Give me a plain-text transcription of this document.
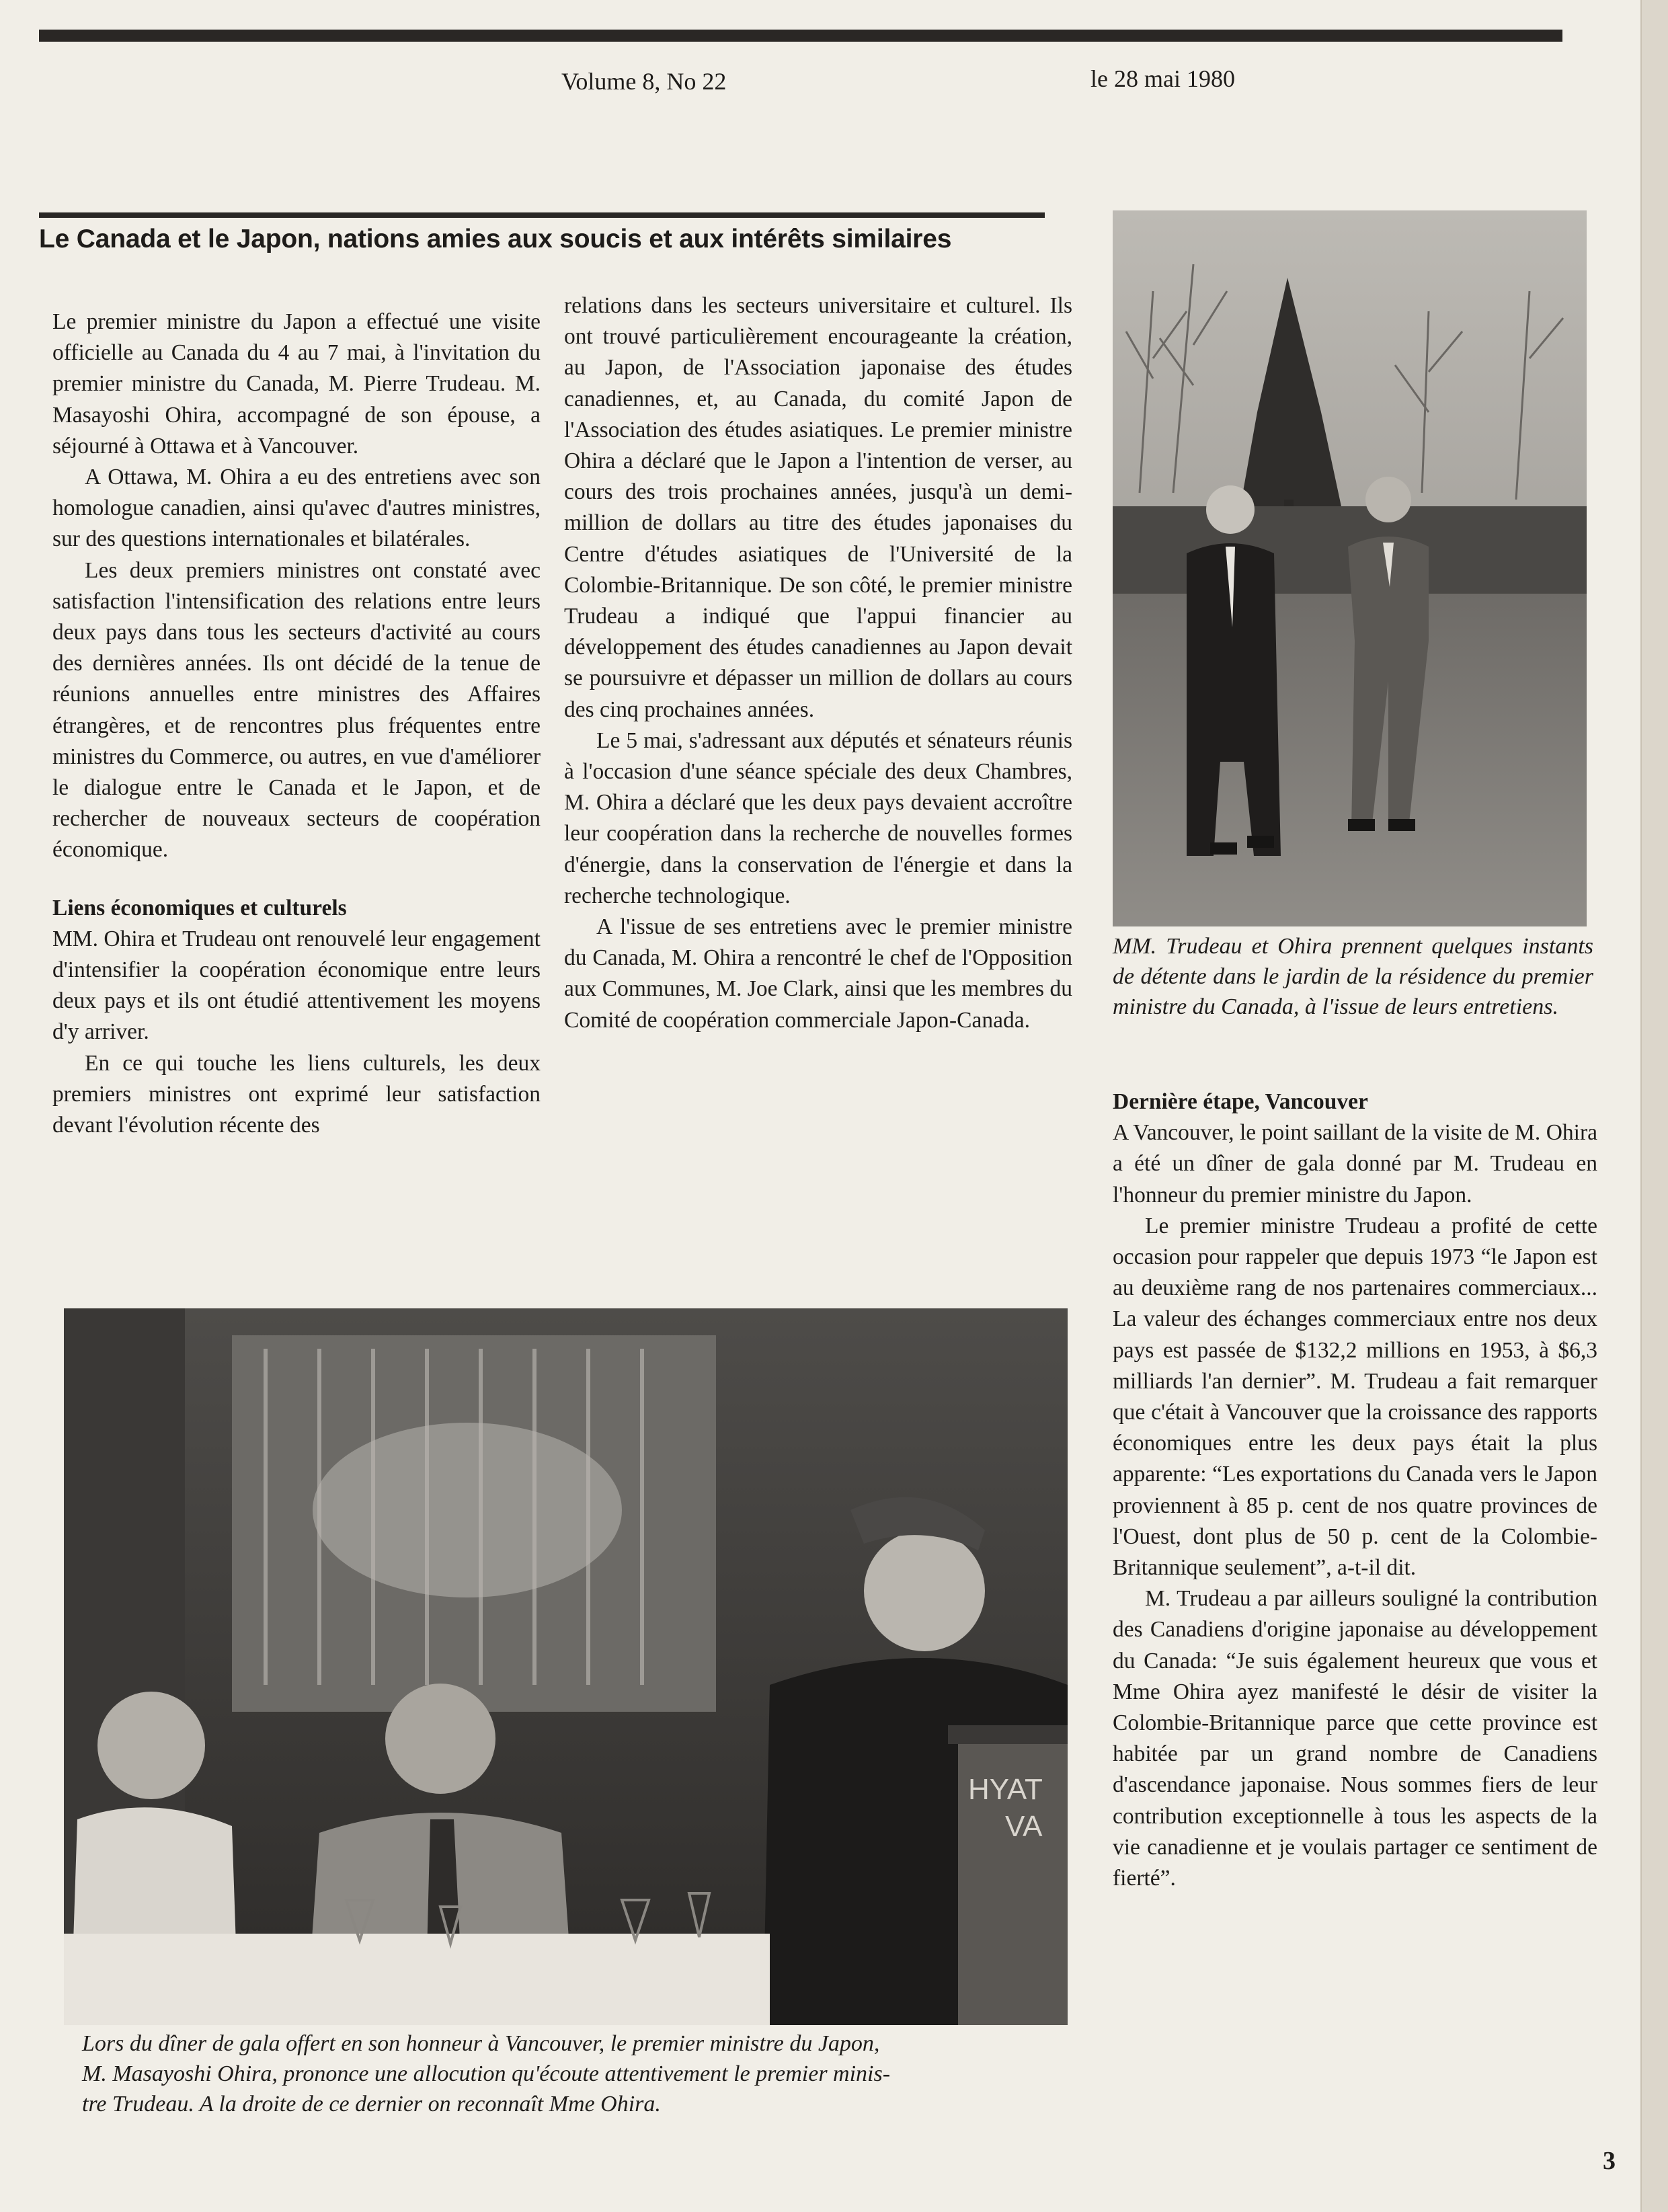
Volume 8, No 22	le 28 mai 1980
Le Canada et le Japon, nations amies aux soucis et aux intérêts similaires

Le premier ministre du Japon a effectué une visite officielle au Canada du 4 au 7 mai, à l'invitation du premier ministre du Canada, M. Pierre Trudeau. M. Masayoshi Ohira, accompagné de son épouse, a séjourné à Ottawa et à Vancouver.

A Ottawa, M. Ohira a eu des entretiens avec son homologue canadien, ainsi qu'avec d'autres ministres, sur des questions internationales et bilatérales.

Les deux premiers ministres ont constaté avec satisfaction l'intensification des relations entre leurs deux pays dans tous les secteurs d'activité au cours des dernières années. Ils ont décidé de la tenue de réunions annuelles entre ministres des Affaires étrangères, et de rencontres plus fréquentes entre ministres du Commerce, ou autres, en vue d'améliorer le dialogue entre le Canada et le Japon, et de rechercher de nouveaux secteurs de coopération économique.

Liens économiques et culturels

MM. Ohira et Trudeau ont renouvelé leur engagement d'intensifier la coopération économique entre leurs deux pays et ils ont étudié attentivement les moyens d'y arriver.

En ce qui touche les liens culturels, les deux premiers ministres ont exprimé leur satisfaction devant l'évolution récente des

relations dans les secteurs universitaire et culturel. Ils ont trouvé particulièrement encourageante la création, au Japon, de l'Association japonaise des études canadiennes, et, au Canada, du comité Japon de l'Association des études asiatiques. Le premier ministre Ohira a déclaré que le Japon a l'intention de verser, au cours des trois prochaines années, jusqu'à un demi-million de dollars au titre des études japonaises du Centre d'études asiatiques de l'Université de la Colombie-Britannique. De son côté, le premier ministre Trudeau a indiqué que l'appui financier au développement des études canadiennes au Japon devait se poursuivre et dépasser un million de dollars au cours des cinq prochaines années.

Le 5 mai, s'adressant aux députés et sénateurs réunis à l'occasion d'une séance spéciale des deux Chambres, M. Ohira a déclaré que les deux pays devaient accroître leur coopération dans la recherche de nouvelles formes d'énergie, dans la conservation de l'énergie et dans la recherche technologique.

A l'issue de ses entretiens avec le premier ministre du Canada, M. Ohira a rencontré le chef de l'Opposition aux Communes, M. Joe Clark, ainsi que les membres du Comité de coopération commerciale Japon-Canada.

MM. Trudeau et Ohira prennent quelques instants de détente dans le jardin de la résidence du premier ministre du Canada, à l'issue de leurs entretiens.
Dernière étape, Vancouver

A Vancouver, le point saillant de la visite de M. Ohira a été un dîner de gala donné par M. Trudeau en l'honneur du premier ministre du Japon.

Le premier ministre Trudeau a profité de cette occasion pour rappeler que depuis 1973 “le Japon est au deuxième rang de nos partenaires commerciaux... La valeur des échanges commerciaux entre nos deux pays est passée de $132,2 millions en 1953, à $6,3 milliards l'an dernier”. M. Trudeau a fait remarquer que c'était à Vancouver que la croissance des rapports économiques entre les deux pays était la plus apparente: “Les exportations du Canada vers le Japon proviennent à 85 p. cent de nos quatre provinces de l'Ouest, dont plus de 50 p. cent de la Colombie-Britannique seulement”, a-t-il dit.

M. Trudeau a par ailleurs souligné la contribution des Canadiens d'origine japonaise au développement du Canada: “Je suis également heureux que vous et Mme Ohira ayez manifesté le désir de visiter la Colombie-Britannique parce que cette province est habitée par un grand nombre de Canadiens d'ascendance japonaise. Nous sommes fiers de leur contribution exceptionnelle à tous les aspects de la vie canadienne et je voulais partager ce sentiment de fierté”.

HYAT
VA
Lors du dîner de gala offert en son honneur à Vancouver, le premier ministre du Japon,
M. Masayoshi Ohira, prononce une allocution qu'écoute attentivement le premier minis-
tre Trudeau. A la droite de ce dernier on reconnaît Mme Ohira.
3
